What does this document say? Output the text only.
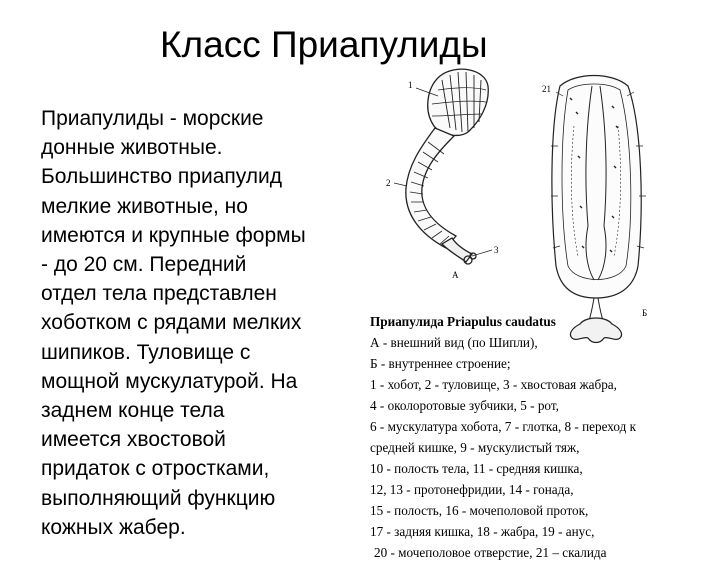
Класс Приапулиды
Приапулиды - морские
донные животные.
Большинство приапулид
мелкие животные, но
имеются и крупные формы
- до 20 см. Передний
отдел тела представлен
хоботком с рядами мелких
шипиков. Туловище с
мощной мускулатурой. На
заднем конце тела
имеется хвостовой
придаток с отростками,
выполняющий функцию
кожных жабер.
1
2
3
А
21
Б
Приапулида Priapulus caudatus
А - внешний вид (по Шипли),
Б - внутреннее строение;
1 - хобот, 2 - туловище, 3 - хвостовая жабра,
4 - околоротовые зубчики, 5 - рот,
6 - мускулатура хобота, 7 - глотка, 8 - переход к
средней кишке, 9 - мускулистый тяж,
10 - полость тела, 11 - средняя кишка,
12, 13 - протонефридии, 14 - гонада,
15 - полость, 16 - мочеполовой проток,
17 - задняя кишка, 18 - жабра, 19 - анус,
20 - мочеполовое отверстие, 21 – скалида
